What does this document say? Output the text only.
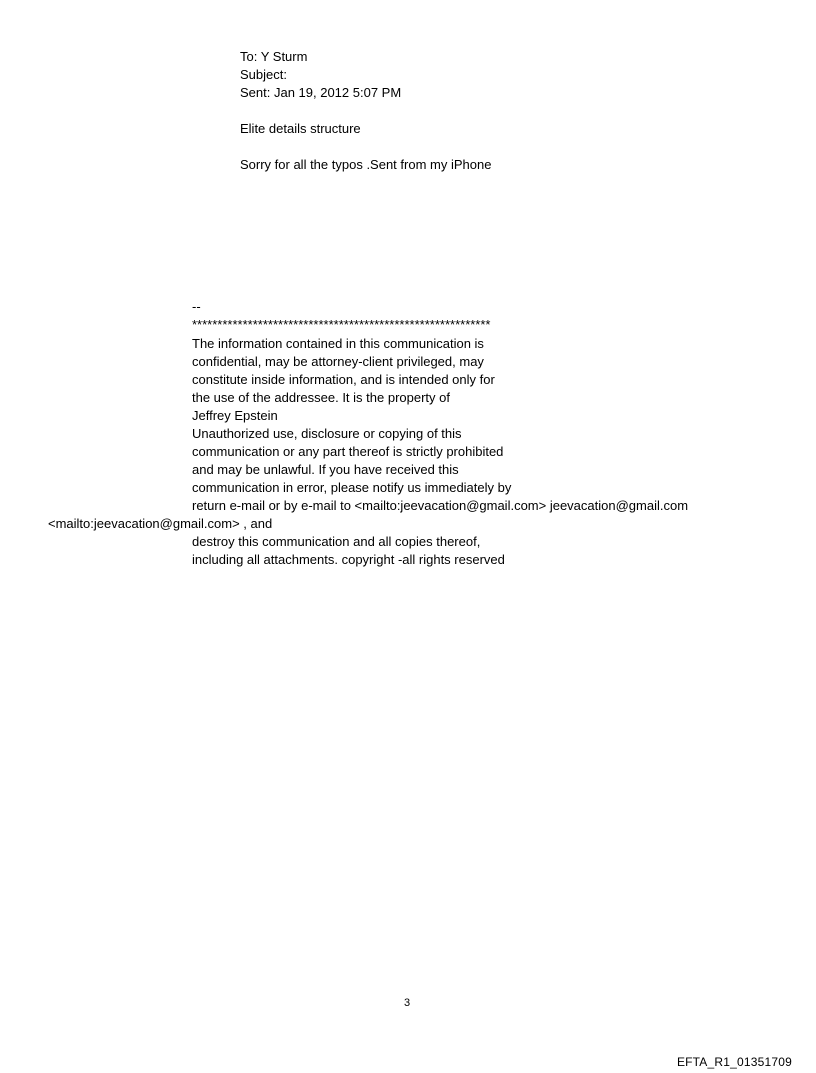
To: Y Sturm
Subject:
Sent: Jan 19, 2012 5:07 PM
Elite details structure
Sorry for all the typos .Sent from my iPhone
--
***********************************************************
The information contained in this communication is
confidential, may be attorney-client privileged, may
constitute inside information, and is intended only for
the use of the addressee. It is the property of
Jeffrey Epstein
Unauthorized use, disclosure or copying of this
communication or any part thereof is strictly prohibited
and may be unlawful. If you have received this
communication in error, please notify us immediately by
return e-mail or by e-mail to <mailto:jeevacation@gmail.com> jeevacation@gmail.com
<mailto:jeevacation@gmail.com> , and
destroy this communication and all copies thereof,
including all attachments. copyright -all rights reserved
3
EFTA_R1_01351709
